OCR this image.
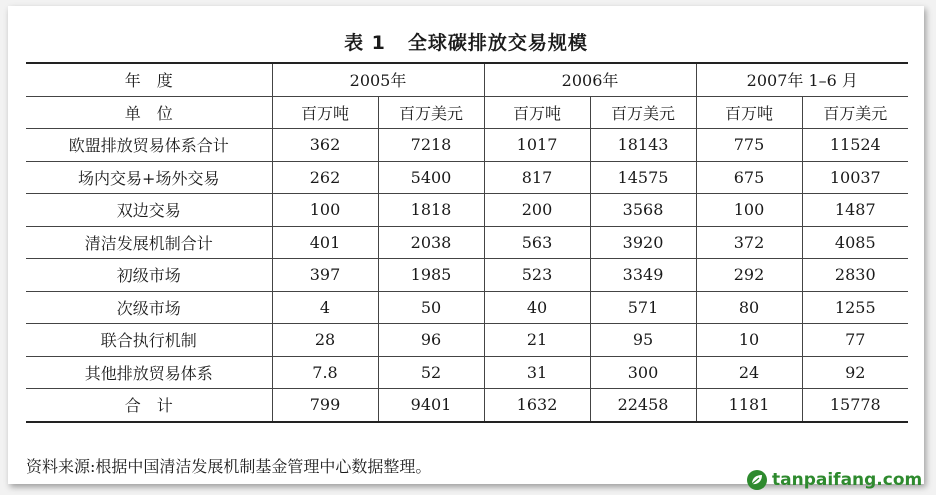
表 1 全球碳排放交易规模
年　度	2005年		2006年		2007年 1–6 月	
单　位	百万吨	百万美元	百万吨	百万美元	百万吨	百万美元
欧盟排放贸易体系合计	362	7218	1017	18143	775	11524
场内交易+场外交易	262	5400	817	14575	675	10037
双边交易	100	1818	200	3568	100	1487
清洁发展机制合计	401	2038	563	3920	372	4085
初级市场	397	1985	523	3349	292	2830
次级市场	4	50	40	571	80	1255
联合执行机制	28	96	21	95	10	77
其他排放贸易体系	7.8	52	31	300	24	92
合　计	799	9401	1632	22458	1181	15778
资料来源:根据中国清洁发展机制基金管理中心数据整理。
tanpaifang.com
